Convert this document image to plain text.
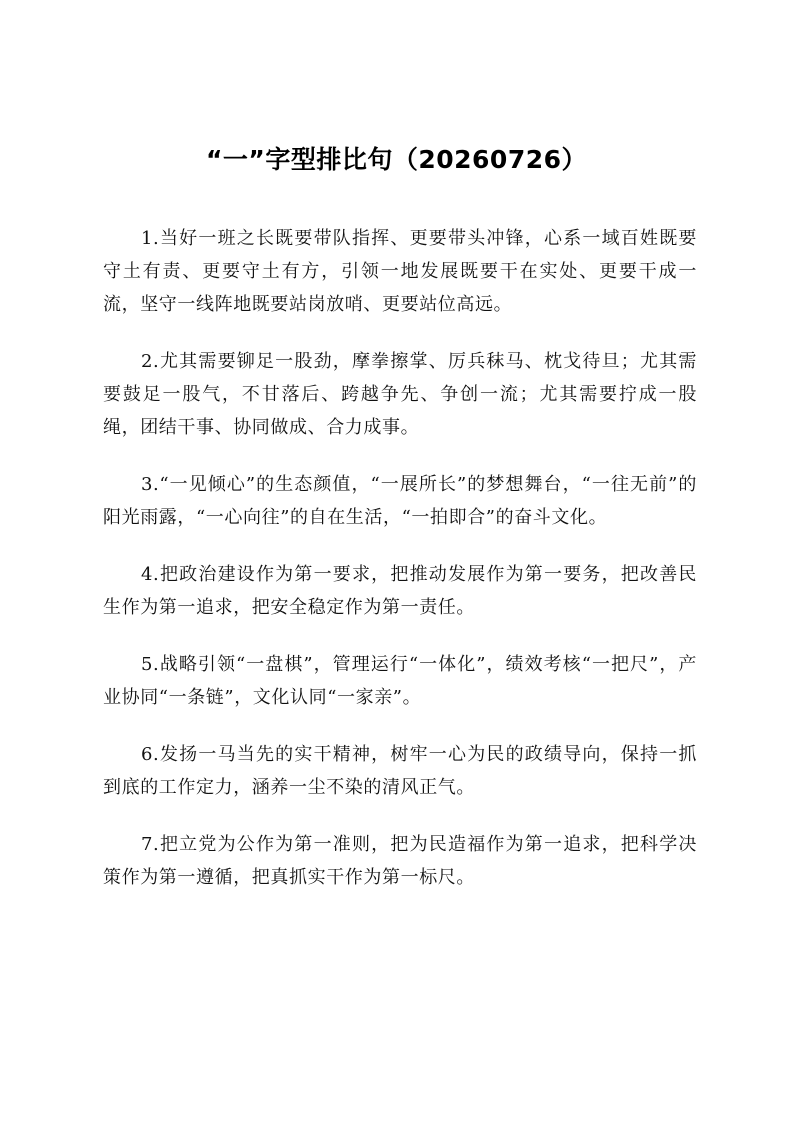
“一”字型排比句（20260726）

1.当好一班之长既要带队指挥、更要带头冲锋，心系一域百姓既要守土有责、更要守土有方，引领一地发展既要干在实处、更要干成一流，坚守一线阵地既要站岗放哨、更要站位高远。

2.尤其需要铆足一股劲，摩拳擦掌、厉兵秣马、枕戈待旦；尤其需要鼓足一股气，不甘落后、跨越争先、争创一流；尤其需要拧成一股绳，团结干事、协同做成、合力成事。

3.“一见倾心”的生态颜值，“一展所长”的梦想舞台，“一往无前”的阳光雨露，“一心向往”的自在生活，“一拍即合”的奋斗文化。

4.把政治建设作为第一要求，把推动发展作为第一要务，把改善民生作为第一追求，把安全稳定作为第一责任。

5.战略引领“一盘棋”，管理运行“一体化”，绩效考核“一把尺”，产业协同“一条链”，文化认同“一家亲”。

6.发扬一马当先的实干精神，树牢一心为民的政绩导向，保持一抓到底的工作定力，涵养一尘不染的清风正气。

7.把立党为公作为第一准则，把为民造福作为第一追求，把科学决策作为第一遵循，把真抓实干作为第一标尺。
